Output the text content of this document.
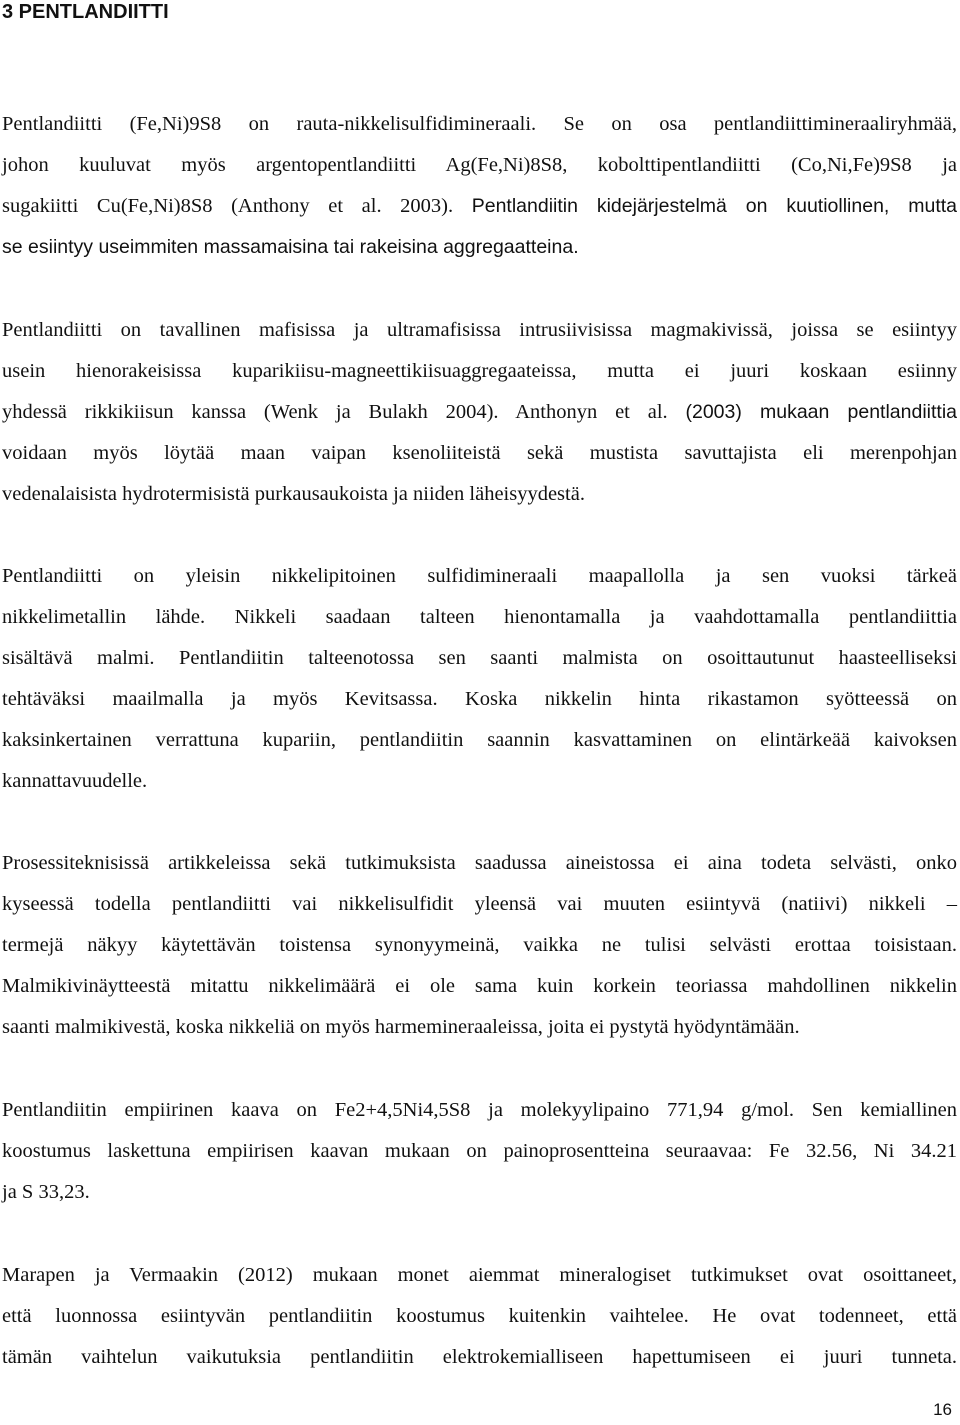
3 PENTLANDIITTI
Pentlandiitti (Fe,Ni)9S8 on rauta-nikkelisulfidimineraali. Se on osa pentlandiittimineraaliryhmää,
johon kuuluvat myös argentopentlandiitti Ag(Fe,Ni)8S8, kobolttipentlandiitti (Co,Ni,Fe)9S8 ja
sugakiitti Cu(Fe,Ni)8S8 (Anthony et al. 2003). Pentlandiitin kidejärjestelmä on kuutiollinen, mutta
se esiintyy useimmiten massamaisina tai rakeisina aggregaatteina.
Pentlandiitti on tavallinen mafisissa ja ultramafisissa intrusiivisissa magmakivissä, joissa se esiintyy
usein hienorakeisissa kuparikiisu-magneettikiisuaggregaateissa, mutta ei juuri koskaan esiinny
yhdessä rikkikiisun kanssa (Wenk ja Bulakh 2004). Anthonyn et al. (2003) mukaan pentlandiittia
voidaan myös löytää maan vaipan ksenoliiteistä sekä mustista savuttajista eli merenpohjan
vedenalaisista hydrotermisistä purkausaukoista ja niiden läheisyydestä.
Pentlandiitti on yleisin nikkelipitoinen sulfidimineraali maapallolla ja sen vuoksi tärkeä
nikkelimetallin lähde. Nikkeli saadaan talteen hienontamalla ja vaahdottamalla pentlandiittia
sisältävä malmi. Pentlandiitin talteenotossa sen saanti malmista on osoittautunut haasteelliseksi
tehtäväksi maailmalla ja myös Kevitsassa. Koska nikkelin hinta rikastamon syötteessä on
kaksinkertainen verrattuna kupariin, pentlandiitin saannin kasvattaminen on elintärkeää kaivoksen
kannattavuudelle.
Prosessiteknisissä artikkeleissa sekä tutkimuksista saadussa aineistossa ei aina todeta selvästi, onko
kyseessä todella pentlandiitti vai nikkelisulfidit yleensä vai muuten esiintyvä (natiivi) nikkeli –
termejä näkyy käytettävän toistensa synonyymeinä, vaikka ne tulisi selvästi erottaa toisistaan.
Malmikivinäytteestä mitattu nikkelimäärä ei ole sama kuin korkein teoriassa mahdollinen nikkelin
saanti malmikivestä, koska nikkeliä on myös harmemineraaleissa, joita ei pystytä hyödyntämään.
Pentlandiitin empiirinen kaava on Fe2+4,5Ni4,5S8 ja molekyylipaino 771,94 g/mol. Sen kemiallinen
koostumus laskettuna empiirisen kaavan mukaan on painoprosentteina seuraavaa: Fe 32.56, Ni 34.21
ja S 33,23.
Marapen ja Vermaakin (2012) mukaan monet aiemmat mineralogiset tutkimukset ovat osoittaneet,
että luonnossa esiintyvän pentlandiitin koostumus kuitenkin vaihtelee. He ovat todenneet, että
tämän vaihtelun vaikutuksia pentlandiitin elektrokemialliseen hapettumiseen ei juuri tunneta.
16
